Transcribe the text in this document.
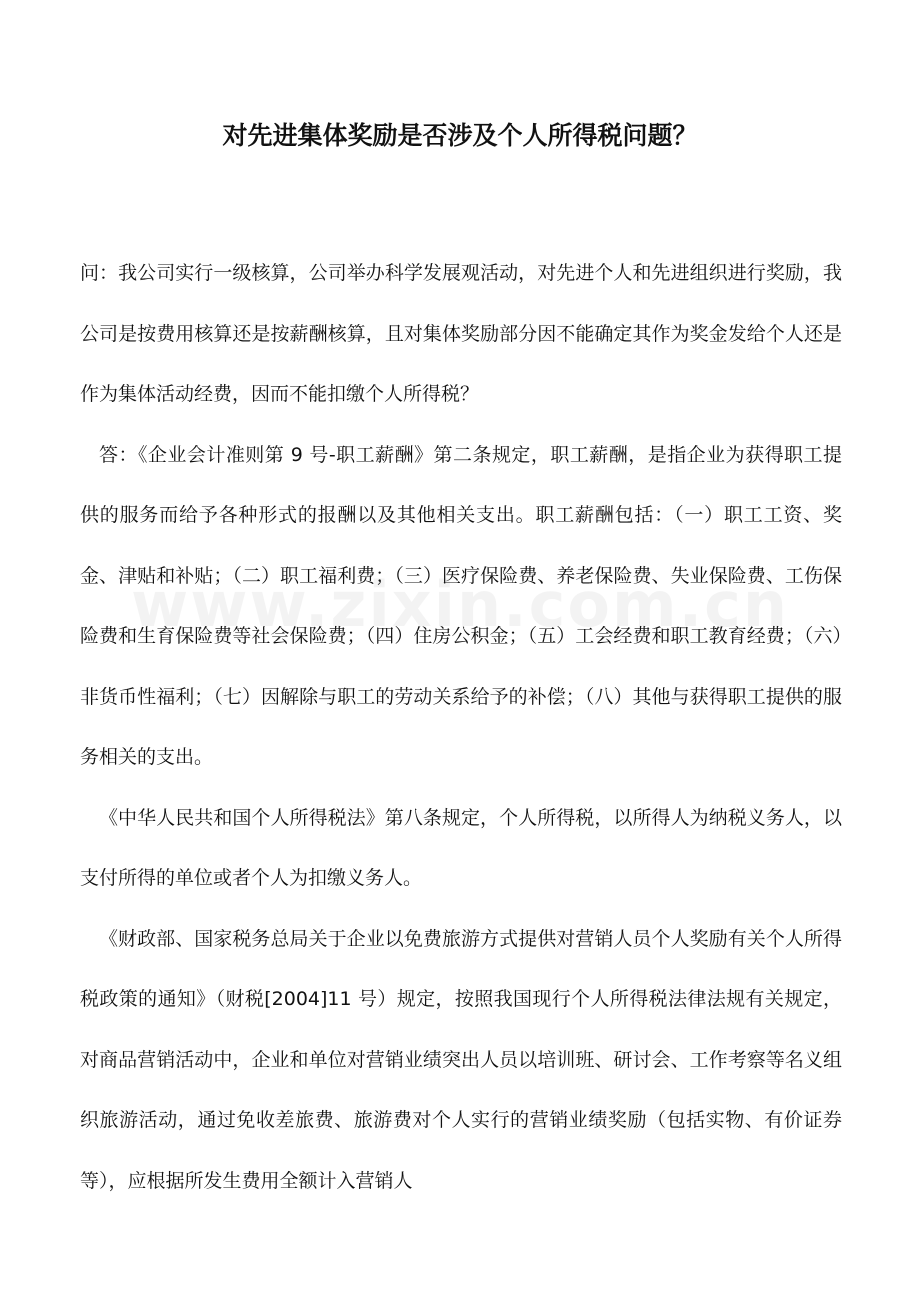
对先进集体奖励是否涉及个人所得税问题？

问：我公司实行一级核算，公司举办科学发展观活动，对先进个人和先进组织进行奖励，我公司是按费用核算还是按薪酬核算，且对集体奖励部分因不能确定其作为奖金发给个人还是作为集体活动经费，因而不能扣缴个人所得税？

答：《企业会计准则第 9 号-职工薪酬》第二条规定，职工薪酬，是指企业为获得职工提供的服务而给予各种形式的报酬以及其他相关支出。职工薪酬包括：（一）职工工资、奖金、津贴和补贴；（二）职工福利费；（三）医疗保险费、养老保险费、失业保险费、工伤保险费和生育保险费等社会保险费；（四）住房公积金；（五）工会经费和职工教育经费；（六）非货币性福利；（七）因解除与职工的劳动关系给予的补偿；（八）其他与获得职工提供的服务相关的支出。

《中华人民共和国个人所得税法》第八条规定，个人所得税，以所得人为纳税义务人，以支付所得的单位或者个人为扣缴义务人。

《财政部、国家税务总局关于企业以免费旅游方式提供对营销人员个人奖励有关个人所得税政策的通知》（财税[2004]11 号）规定，按照我国现行个人所得税法律法规有关规定，对商品营销活动中，企业和单位对营销业绩突出人员以培训班、研讨会、工作考察等名义组织旅游活动，通过免收差旅费、旅游费对个人实行的营销业绩奖励（包括实物、有价证券等），应根据所发生费用全额计入营销人
